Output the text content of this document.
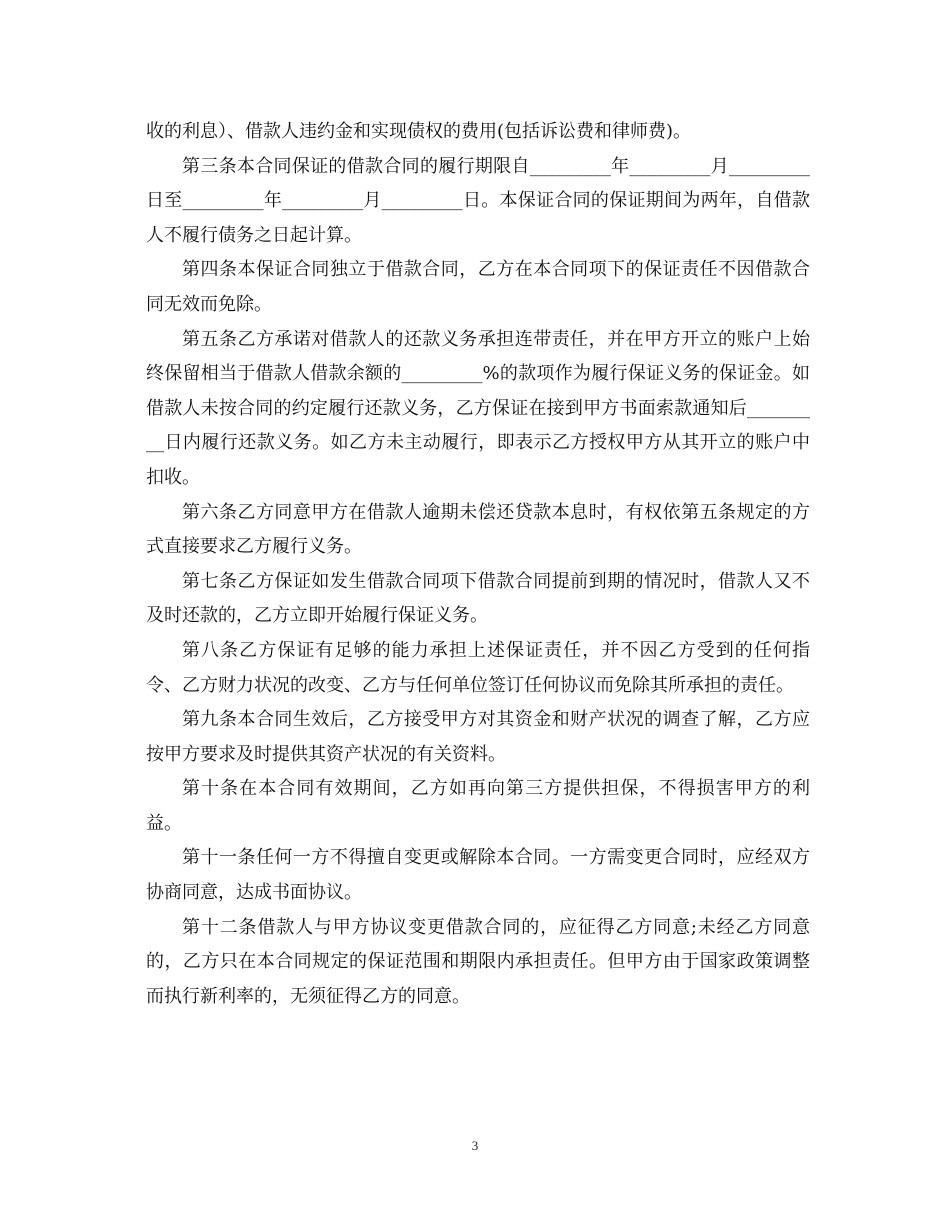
收的利息）、借款人违约金和实现债权的费用(包括诉讼费和律师费)。

第三条本合同保证的借款合同的履行期限自_________年_________月_________日至_________年_________月_________日。本保证合同的保证期间为两年，自借款人不履行债务之日起计算。

第四条本保证合同独立于借款合同，乙方在本合同项下的保证责任不因借款合同无效而免除。

第五条乙方承诺对借款人的还款义务承担连带责任，并在甲方开立的账户上始终保留相当于借款人借款余额的_________%的款项作为履行保证义务的保证金。如借款人未按合同的约定履行还款义务，乙方保证在接到甲方书面索款通知后_________日内履行还款义务。如乙方未主动履行，即表示乙方授权甲方从其开立的账户中扣收。

第六条乙方同意甲方在借款人逾期未偿还贷款本息时，有权依第五条规定的方式直接要求乙方履行义务。

第七条乙方保证如发生借款合同项下借款合同提前到期的情况时，借款人又不及时还款的，乙方立即开始履行保证义务。

第八条乙方保证有足够的能力承担上述保证责任，并不因乙方受到的任何指令、乙方财力状况的改变、乙方与任何单位签订任何协议而免除其所承担的责任。

第九条本合同生效后，乙方接受甲方对其资金和财产状况的调查了解，乙方应按甲方要求及时提供其资产状况的有关资料。

第十条在本合同有效期间，乙方如再向第三方提供担保，不得损害甲方的利益。

第十一条任何一方不得擅自变更或解除本合同。一方需变更合同时，应经双方协商同意，达成书面协议。

第十二条借款人与甲方协议变更借款合同的，应征得乙方同意;未经乙方同意的，乙方只在本合同规定的保证范围和期限内承担责任。但甲方由于国家政策调整而执行新利率的，无须征得乙方的同意。

3
